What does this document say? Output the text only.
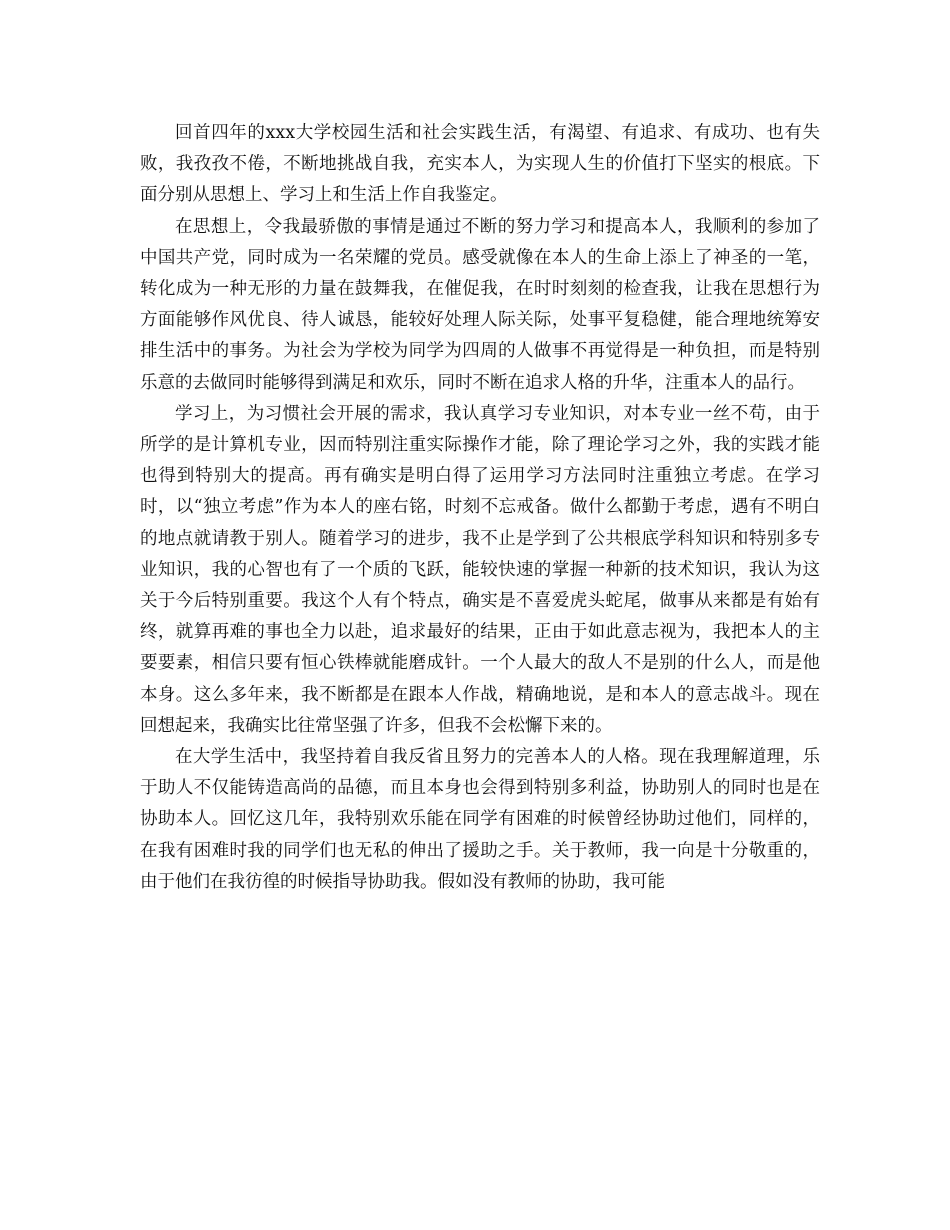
回首四年的xxx大学校园生活和社会实践生活，有渴望、有追求、有成功、也有失败，我孜孜不倦，不断地挑战自我，充实本人，为实现人生的价值打下坚实的根底。下面分别从思想上、学习上和生活上作自我鉴定。

在思想上，令我最骄傲的事情是通过不断的努力学习和提高本人，我顺利的参加了中国共产党，同时成为一名荣耀的党员。感受就像在本人的生命上添上了神圣的一笔，转化成为一种无形的力量在鼓舞我，在催促我，在时时刻刻的检查我，让我在思想行为方面能够作风优良、待人诚恳，能较好处理人际关际，处事平复稳健，能合理地统筹安排生活中的事务。为社会为学校为同学为四周的人做事不再觉得是一种负担，而是特别乐意的去做同时能够得到满足和欢乐，同时不断在追求人格的升华，注重本人的品行。

学习上，为习惯社会开展的需求，我认真学习专业知识，对本专业一丝不苟，由于所学的是计算机专业，因而特别注重实际操作才能，除了理论学习之外，我的实践才能也得到特别大的提高。再有确实是明白得了运用学习方法同时注重独立考虑。在学习时，以“独立考虑”作为本人的座右铭，时刻不忘戒备。做什么都勤于考虑，遇有不明白的地点就请教于别人。随着学习的进步，我不止是学到了公共根底学科知识和特别多专业知识，我的心智也有了一个质的飞跃，能较快速的掌握一种新的技术知识，我认为这关于今后特别重要。我这个人有个特点，确实是不喜爱虎头蛇尾，做事从来都是有始有终，就算再难的事也全力以赴，追求最好的结果，正由于如此意志视为，我把本人的主要要素，相信只要有恒心铁棒就能磨成针。一个人最大的敌人不是别的什么人，而是他本身。这么多年来，我不断都是在跟本人作战，精确地说，是和本人的意志战斗。现在回想起来，我确实比往常坚强了许多，但我不会松懈下来的。

在大学生活中，我坚持着自我反省且努力的完善本人的人格。现在我理解道理，乐于助人不仅能铸造高尚的品德，而且本身也会得到特别多利益，协助别人的同时也是在协助本人。回忆这几年，我特别欢乐能在同学有困难的时候曾经协助过他们，同样的，在我有困难时我的同学们也无私的伸出了援助之手。关于教师，我一向是十分敬重的，由于他们在我彷徨的时候指导协助我。假如没有教师的协助，我可能
